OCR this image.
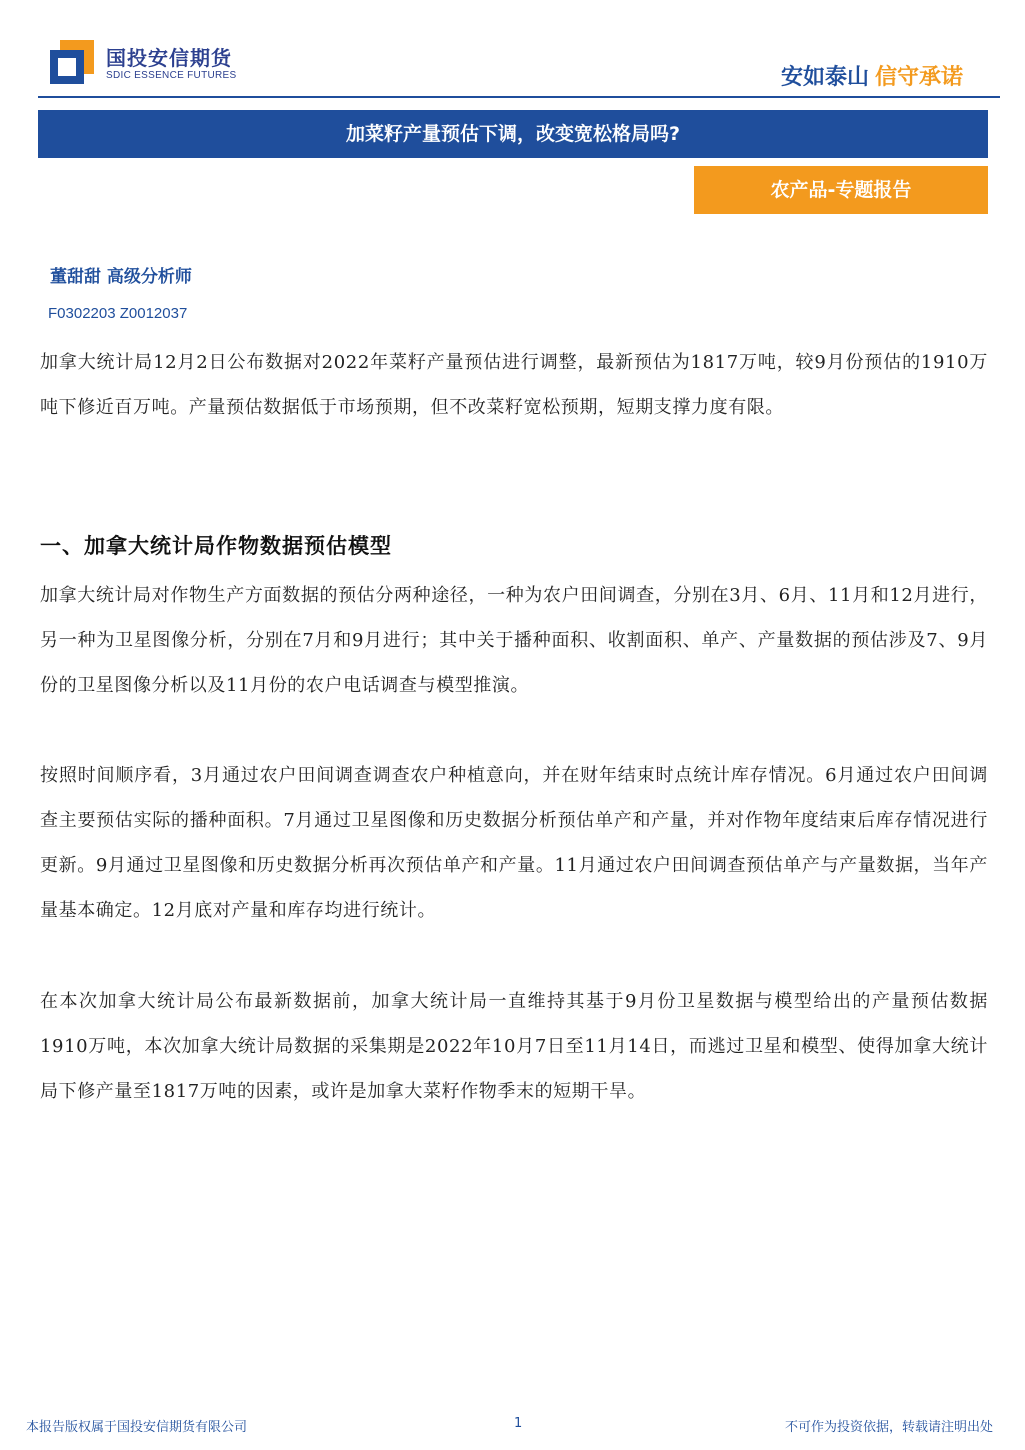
国投安信期货
SDIC ESSENCE FUTURES	安如泰山 信守承诺
加菜籽产量预估下调，改变宽松格局吗?
农产品-专题报告
董甜甜 高级分析师
F0302203 Z0012037

加拿大统计局12月2日公布数据对2022年菜籽产量预估进行调整，最新预估为1817万吨，较9月份预估的1910万吨下修近百万吨。产量预估数据低于市场预期，但不改菜籽宽松预期，短期支撑力度有限。

一、加拿大统计局作物数据预估模型

加拿大统计局对作物生产方面数据的预估分两种途径，一种为农户田间调查，分别在3月、6月、11月和12月进行，另一种为卫星图像分析，分别在7月和9月进行；其中关于播种面积、收割面积、单产、产量数据的预估涉及7、9月份的卫星图像分析以及11月份的农户电话调查与模型推演。

按照时间顺序看，3月通过农户田间调查调查农户种植意向，并在财年结束时点统计库存情况。6月通过农户田间调查主要预估实际的播种面积。7月通过卫星图像和历史数据分析预估单产和产量，并对作物年度结束后库存情况进行更新。9月通过卫星图像和历史数据分析再次预估单产和产量。11月通过农户田间调查预估单产与产量数据，当年产量基本确定。12月底对产量和库存均进行统计。

在本次加拿大统计局公布最新数据前，加拿大统计局一直维持其基于9月份卫星数据与模型给出的产量预估数据1910万吨，本次加拿大统计局数据的采集期是2022年10月7日至11月14日，而逃过卫星和模型、使得加拿大统计局下修产量至1817万吨的因素，或许是加拿大菜籽作物季末的短期干旱。

本报告版权属于国投安信期货有限公司	1	不可作为投资依据，转载请注明出处
